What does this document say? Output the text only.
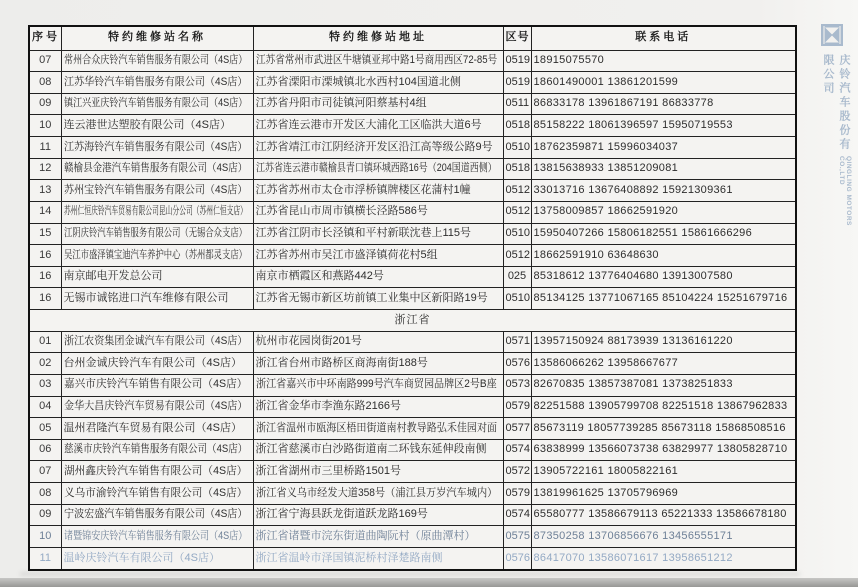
序号	特约维修站名称	特约维修站地址	区号	联系电话
07	常州合众庆铃汽车销售服务有限公司（4S店）	江苏省常州市武进区牛塘镇亚邦中路1号商用西区72-85号	0519	18915075570
08	江苏华铃汽车销售服务有限公司（4S店）	江苏省溧阳市溧城镇北水西村104国道北侧	0519	18601490001 13861201599
09	镇江兴亚庆铃汽车销售服务有限公司（4S店）	江苏省丹阳市司徒镇河阳蔡基村4组	0511	86833178 13961867191 86833778
10	连云港世达塑胶有限公司（4S店）	江苏省连云港市开发区大浦化工区临洪大道6号	0518	85158222 18061396597 15950719553
11	江苏海铃汽车销售服务有限公司（4S店）	江苏省靖江市江阴经济开发区沿江高等级公路9号	0510	18762359871 15996034037
12	赣榆县金港汽车销售服务有限公司（4S店）	江苏省连云港市赣榆县青口镇环城西路16号（204国道西侧）	0518	13815638933 13851209081
13	苏州宝铃汽车销售服务有限公司（4S店）	江苏省苏州市太仓市浮桥镇牌楼区花蒲村1幢	0512	33013716 13676408892 15921309361
14	苏州仁恒庆铃汽车贸易有限公司昆山分公司（苏州仁恒支店）	江苏省昆山市周市镇横长泾路586号	0512	13758009857 18662591920
15	江阴庆铃汽车销售服务有限公司（无锡合众支店）	江苏省江阴市长泾镇和平村新联沈巷上115号	0510	15950407266 15806182551 15861666296
16	吴江市盛泽镇宝迪汽车养护中心（苏州都灵支店）	江苏省苏州市吴江市盛泽镇荷花村5组	0512	18662591910 63648630
16	南京邮电开发总公司	南京市栖霞区和燕路442号	025	85318612 13776404680 13913007580
16	无锡市诚铭进口汽车维修有限公司	江苏省无锡市新区坊前镇工业集中区新阳路19号	0510	85134125 13771067165 85104224 15251679716
浙江省				
01	浙江农资集团金诚汽车有限公司（4S店）	杭州市花园岗街201号	0571	13957150924 88173939 13136161220
02	台州金诚庆铃汽车有限公司（4S店）	浙江省台州市路桥区商海南街188号	0576	13586066262 13958667677
03	嘉兴市庆铃汽车销售有限公司（4S店）	浙江省嘉兴市中环南路999号汽车商贸园品牌区2号B座	0573	82670835 13857387081 13738251833
04	金华大昌庆铃汽车贸易有限公司（4S店）	浙江省金华市李渔东路2166号	0579	82251588 13905799708 82251518 13867962833
05	温州君隆汽车贸易有限公司（4S店）	浙江省温州市瓯海区梧田街道南村教导路弘禾佳园对面	0577	85673119 18057739285 85673118 15868508516
06	慈溪市庆铃汽车销售服务有限公司（4S店）	浙江省慈溪市白沙路街道南二环钱东延伸段南侧	0574	63838999 13566073738 63829977 13805828710
07	湖州鑫庆铃汽车销售有限公司（4S店）	浙江省湖州市三里桥路1501号	0572	13905722161 18005822161
08	义乌市渝铃汽车销售有限公司（4S店）	浙江省义乌市经发大道358号（浦江县万岁汽车城内）	0579	13819961625 13705796969
09	宁波宏盛汽车销售服务有限公司（4S店）	浙江省宁海县跃龙街道跃龙路169号	0574	65580777 13586679113 65221333 13586678180
10	诸暨锦安庆铃汽车销售服务有限公司（4S店）	浙江省诸暨市浣东街道曲陶阮村（原曲潭村）	0575	87350258 13706856676 13456555171
11	温岭庆铃汽车有限公司（4S店）	浙江省温岭市泽国镇泥桥村泽楚路南侧	0576	86417070 13586071617 13958651212
庆铃汽车股份有限公司
QINGLING MOTORS CO.,LTD
